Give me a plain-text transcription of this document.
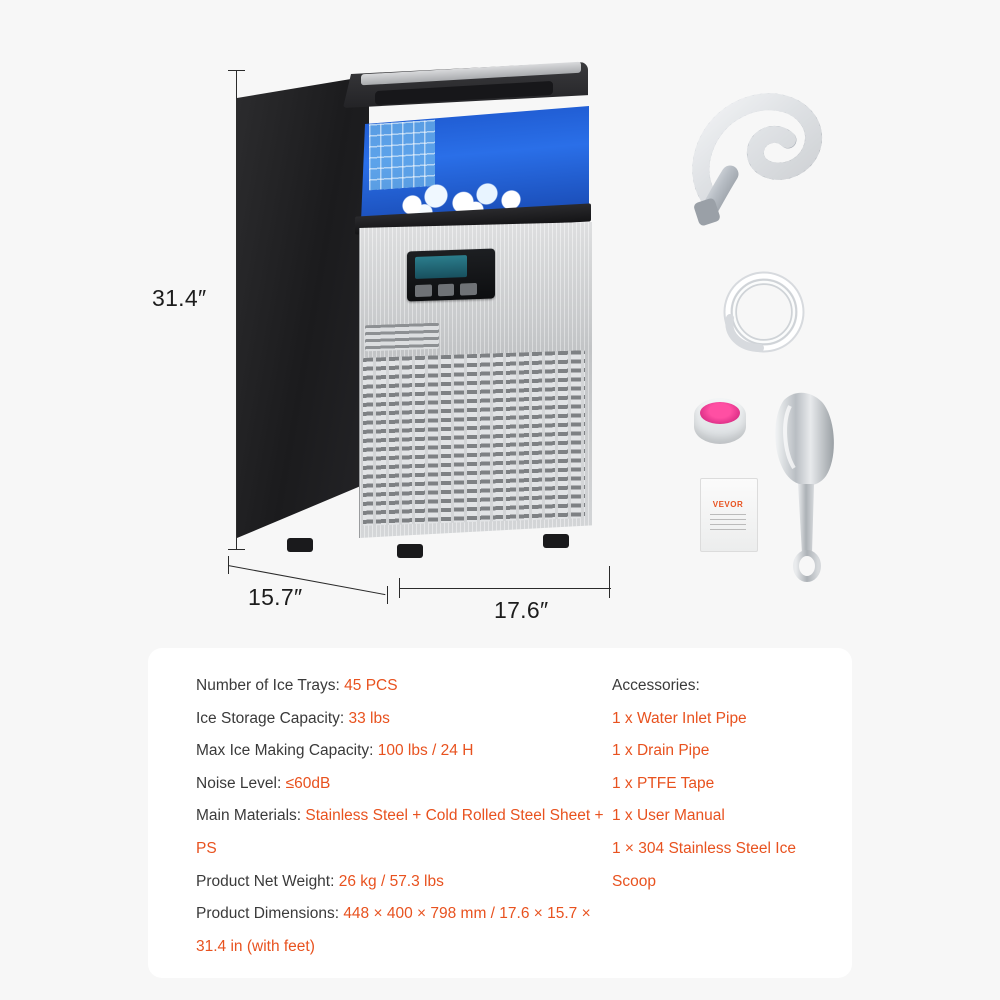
31.4″
15.7″	17.6″
VEVOR
Number of Ice Trays: 45 PCS
Ice Storage Capacity: 33 lbs
Max Ice Making Capacity: 100 lbs / 24 H
Noise Level: ≤60dB
Main Materials: Stainless Steel + Cold Rolled Steel Sheet + PS
Product Net Weight: 26 kg / 57.3 lbs
Product Dimensions: 448 × 400 × 798 mm / 17.6 × 15.7 × 31.4 in (with feet)
Accessories:
1 x Water Inlet Pipe
1 x Drain Pipe
1 x PTFE Tape
1 x User Manual
1 × 304 Stainless Steel Ice Scoop
